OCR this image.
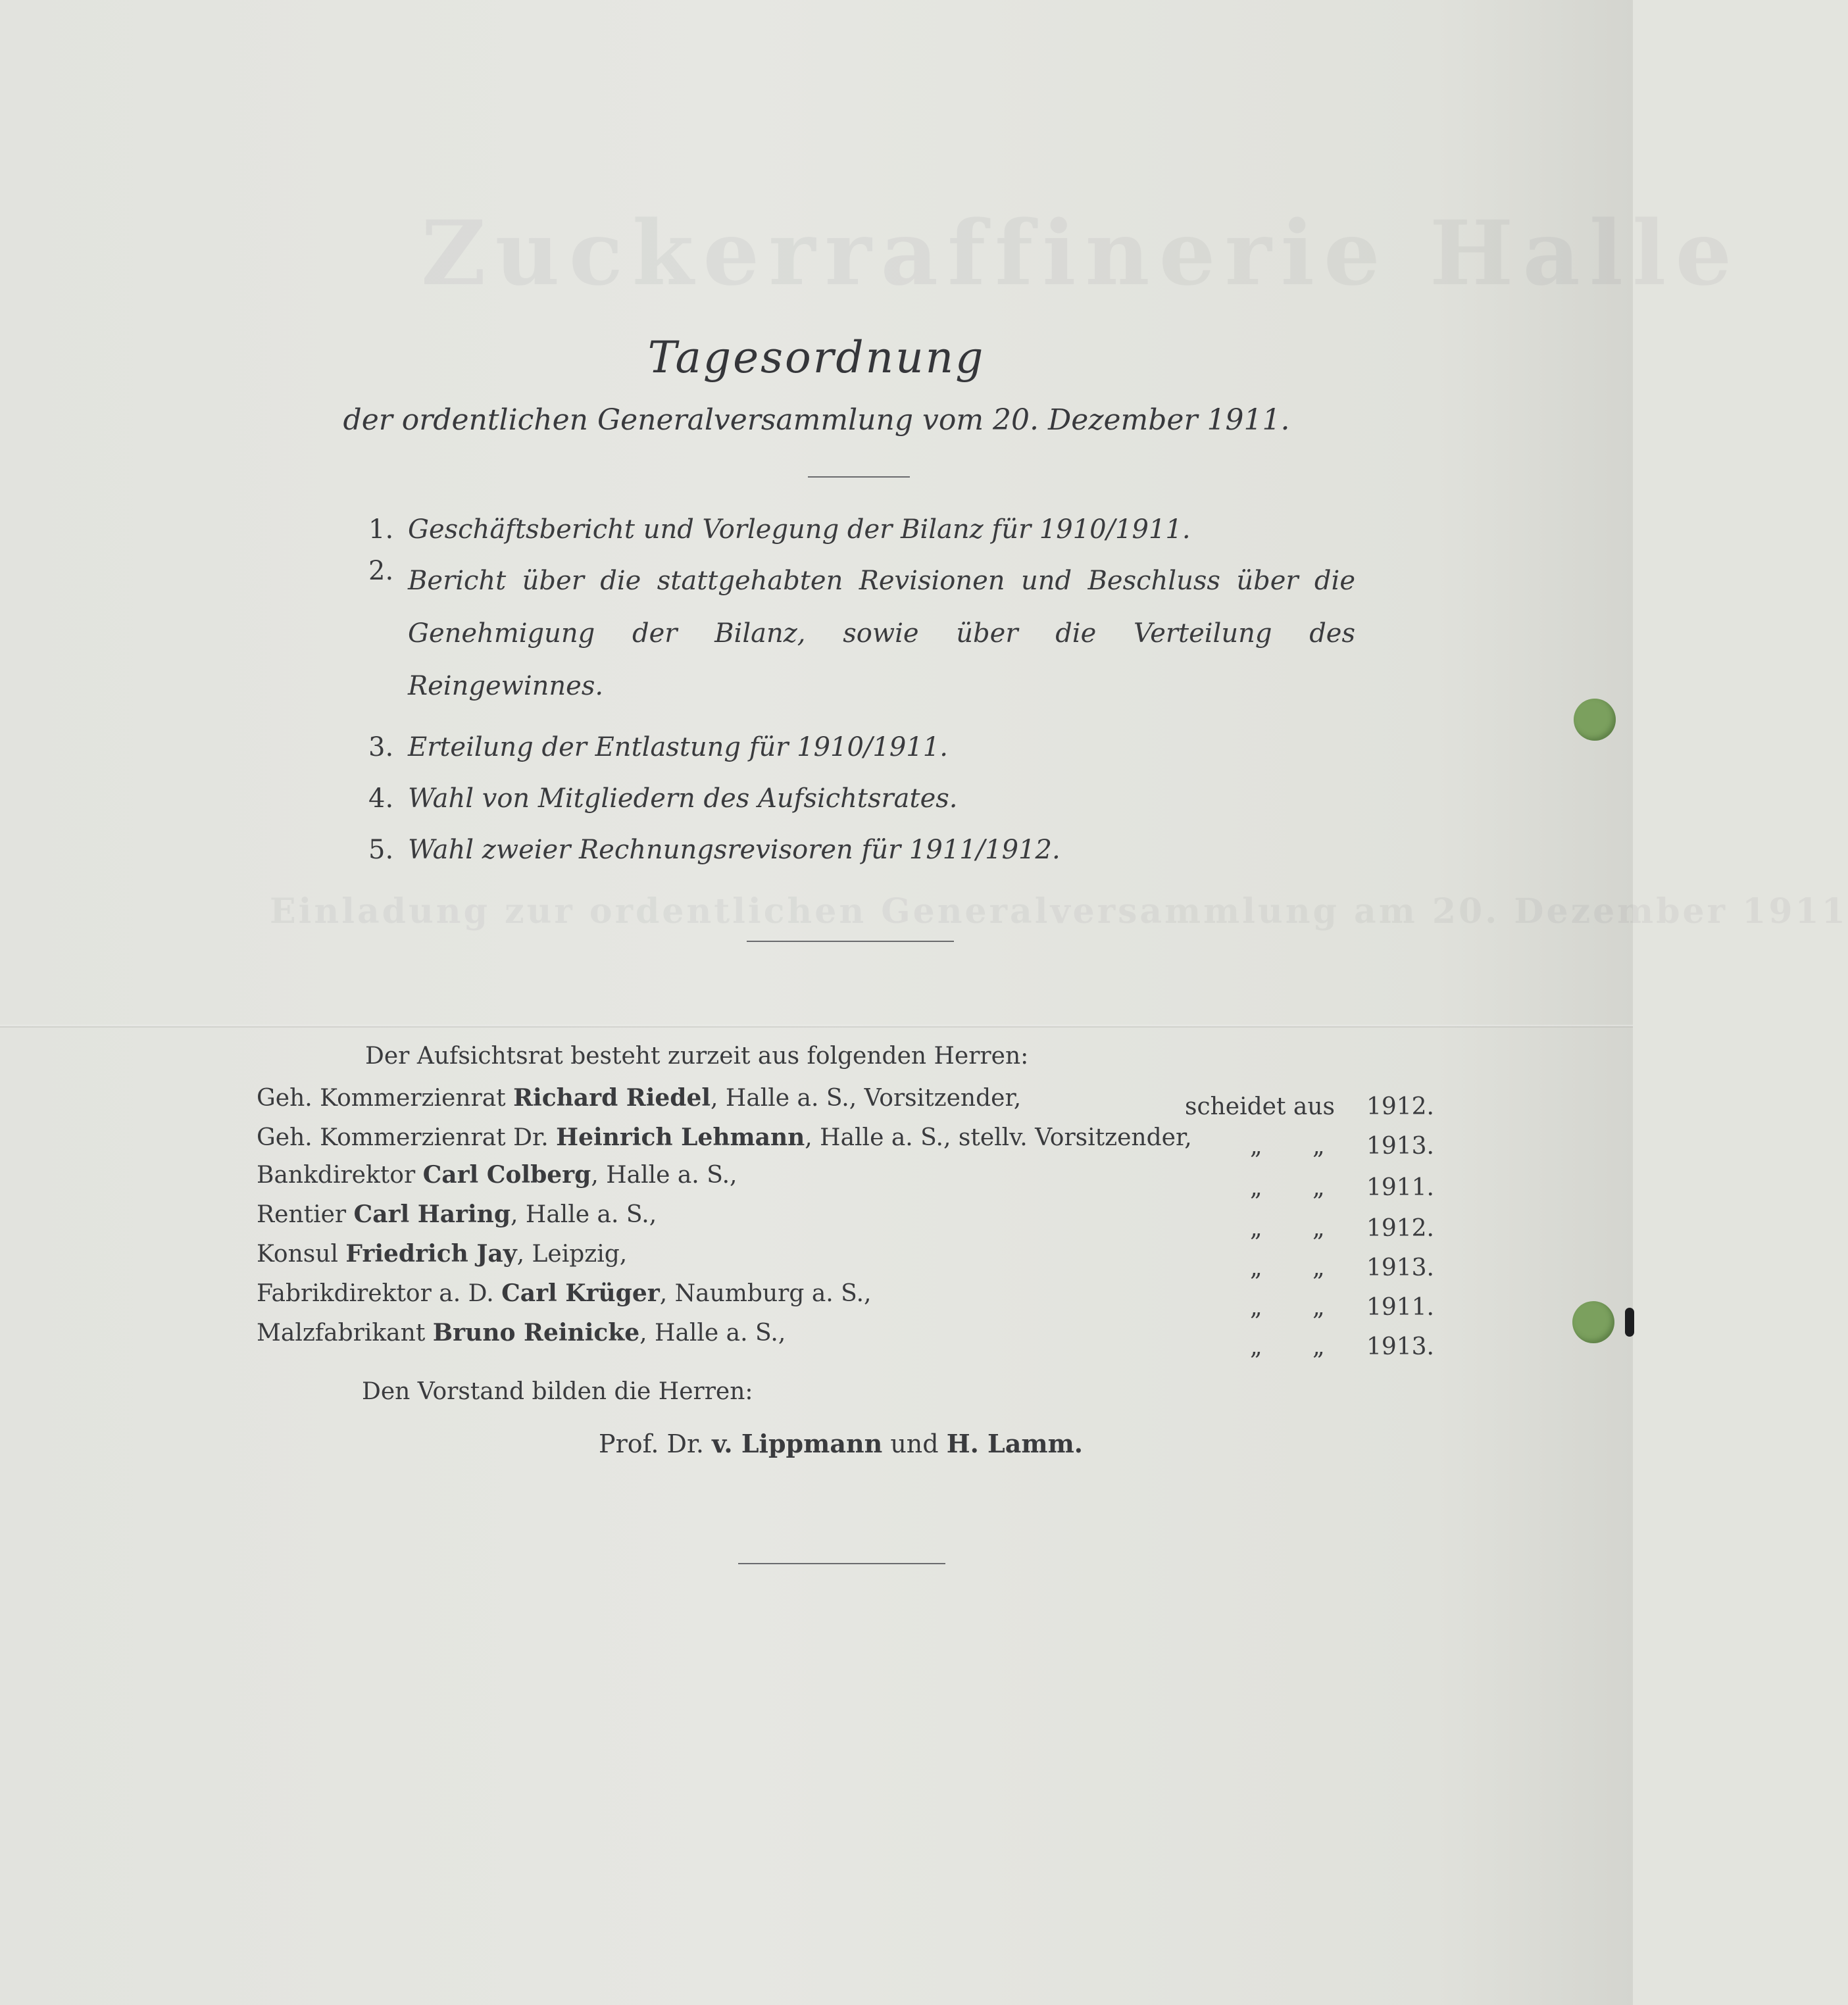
Zuckerraffinerie Halle
Einladung zur ordentlichen Generalversammlung am 20. Dezember 1911
Tagesordnung
der ordentlichen Generalversammlung vom 20. Dezember 1911.
1. Geschäftsbericht und Vorlegung der Bilanz für 1910/1911.
2. Bericht über die stattgehabten Revisionen und Beschluss über die Genehmigung der Bilanz, sowie über die Verteilung des Reingewinnes.
3. Erteilung der Entlastung für 1910/1911.
4. Wahl von Mitgliedern des Aufsichtsrates.
5. Wahl zweier Rechnungsrevisoren für 1911/1912.
Der Aufsichtsrat besteht zurzeit aus folgenden Herren:
Geh. Kommerzienrat Richard Riedel, Halle a. S., Vorsitzender,	scheidet aus 1912.
Geh. Kommerzienrat Dr. Heinrich Lehmann, Halle a. S., stellv. Vorsitzender, „ „ 1913.
Bankdirektor Carl Colberg, Halle a. S.,	„ „ 1911.
Rentier Carl Haring, Halle a. S.,
„ „ 1912.
Konsul Friedrich Jay, Leipzig,
„ „ 1913.
Fabrikdirektor a. D. Carl Krüger, Naumburg a. S.,
„ „ 1911.
Malzfabrikant Bruno Reinicke, Halle a. S.,
„ „ 1913.
Den Vorstand bilden die Herren:
Prof. Dr. v. Lippmann und H. Lamm.
